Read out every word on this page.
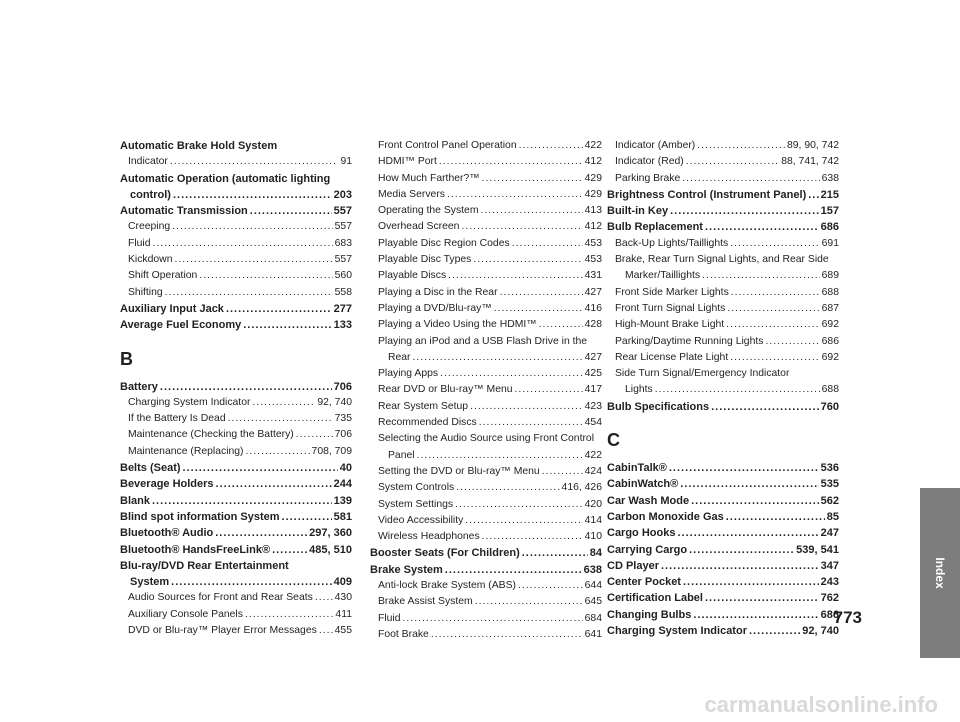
Automatic Brake Hold System
Indicator .....	91
Automatic Operation (automatic lighting
control) .....	203
Automatic Transmission .....	557
Creeping .....	557
Fluid .....	683
Kickdown .....	557
Shift Operation .....	560
Shifting .....	558
Auxiliary Input Jack .....	277
Average Fuel Economy .....	133
B
Battery .....	706
Charging System Indicator .....	92, 740
If the Battery Is Dead .....	735
Maintenance (Checking the Battery) .....	706
Maintenance (Replacing) .....	708, 709
Belts (Seat) .....	40
Beverage Holders .....	244
Blank .....	139
Blind spot information System .....	581
Bluetooth® Audio .....	297, 360
Bluetooth® HandsFreeLink® .....	485, 510
Blu-ray/DVD Rear Entertainment
System .....	409
Audio Sources for Front and Rear Seats ..... 430
Auxiliary Console Panels .....	411
DVD or Blu-ray™ Player Error Messages ..... 455
Front Control Panel Operation .....	422
HDMI™ Port .....	412
How Much Farther?™ .....	429
Media Servers .....	429
Operating the System .....	413
Overhead Screen .....	412
Playable Disc Region Codes .....	453
Playable Disc Types .....	453
Playable Discs .....	431
Playing a Disc in the Rear .....	427
Playing a DVD/Blu-ray™ .....	416
Playing a Video Using the HDMI™ .....	428
Playing an iPod and a USB Flash Drive in the
Rear .....	427
Playing Apps .....	425
Rear DVD or Blu-ray™ Menu .....	417
Rear System Setup .....	423
Recommended Discs .....	454
Selecting the Audio Source using Front Control
Panel .....	422
Setting the DVD or Blu-ray™ Menu .....	424
System Controls .....	416, 426
System Settings .....	420
Video Accessibility .....	414
Wireless Headphones .....	410
Booster Seats (For Children) .....	84
Brake System .....	638
Anti-lock Brake System (ABS) .....	644
Brake Assist System .....	645
Fluid .....	684
Foot Brake .....	641
Indicator (Amber) .....	89, 90, 742
Indicator (Red) .....	88, 741, 742
Parking Brake .....	638
Brightness Control (Instrument Panel) ..... 215
Built-in Key .....	157
Bulb Replacement .....	686
Back-Up Lights/Taillights .....	691
Brake, Rear Turn Signal Lights, and Rear Side
Marker/Taillights .....	689
Front Side Marker Lights .....	688
Front Turn Signal Lights .....	687
High-Mount Brake Light .....	692
Parking/Daytime Running Lights .....	686
Rear License Plate Light .....	692
Side Turn Signal/Emergency Indicator
Lights .....	688
Bulb Specifications .....	760
C
CabinTalk® .....	536
CabinWatch® .....	535
Car Wash Mode .....	562
Carbon Monoxide Gas .....	85
Cargo Hooks .....	247
Carrying Cargo .....	539, 541
CD Player .....	347
Center Pocket .....	243
Certification Label .....	762
Changing Bulbs .....	686
Charging System Indicator .....	92, 740
773
Index
carmanualsonline.info
